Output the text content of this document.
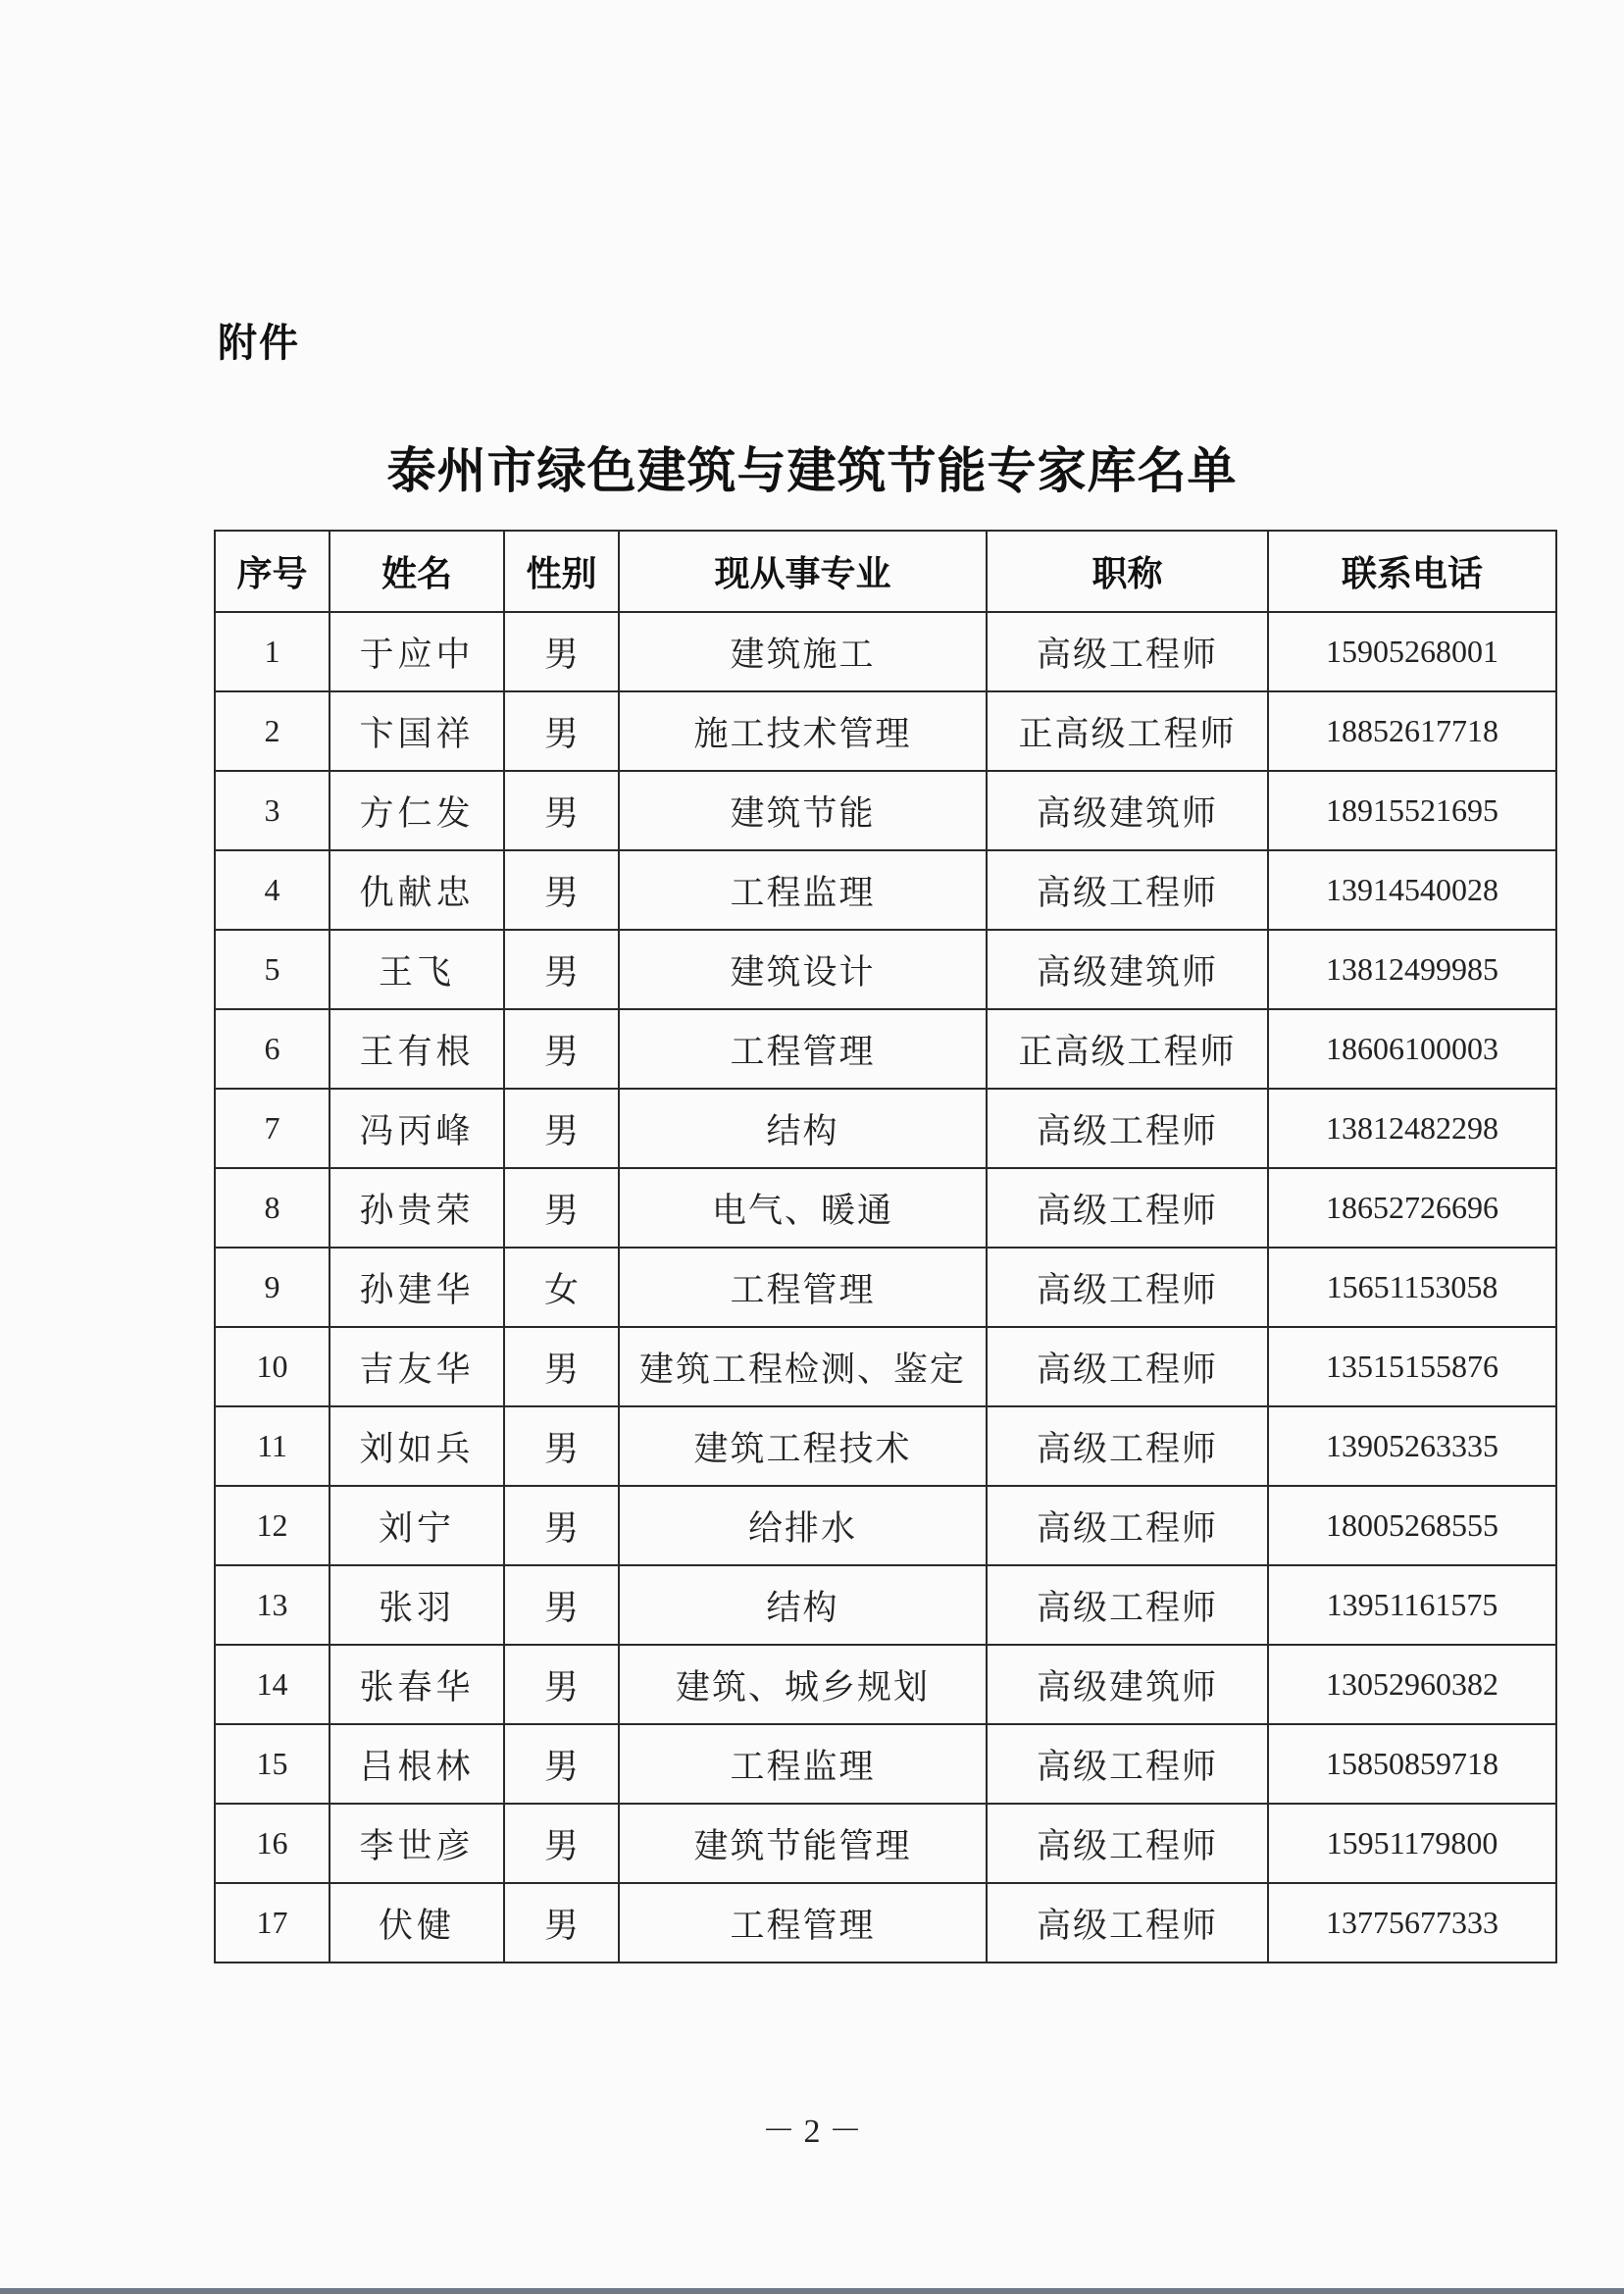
附件
泰州市绿色建筑与建筑节能专家库名单
序号	姓名	性别	现从事专业	职称	联系电话
1	于应中	男	建筑施工	高级工程师	15905268001
2	卞国祥	男	施工技术管理	正高级工程师	18852617718
3	方仁发	男	建筑节能	高级建筑师	18915521695
4	仇献忠	男	工程监理	高级工程师	13914540028
5	王飞	男	建筑设计	高级建筑师	13812499985
6	王有根	男	工程管理	正高级工程师	18606100003
7	冯丙峰	男	结构	高级工程师	13812482298
8	孙贵荣	男	电气、暖通	高级工程师	18652726696
9	孙建华	女	工程管理	高级工程师	15651153058
10	吉友华	男	建筑工程检测、鉴定	高级工程师	13515155876
11	刘如兵	男	建筑工程技术	高级工程师	13905263335
12	刘宁	男	给排水	高级工程师	18005268555
13	张羽	男	结构	高级工程师	13951161575
14	张春华	男	建筑、城乡规划	高级建筑师	13052960382
15	吕根林	男	工程监理	高级工程师	15850859718
16	李世彦	男	建筑节能管理	高级工程师	15951179800
17	伏健	男	工程管理	高级工程师	13775677333
－ 2 －
